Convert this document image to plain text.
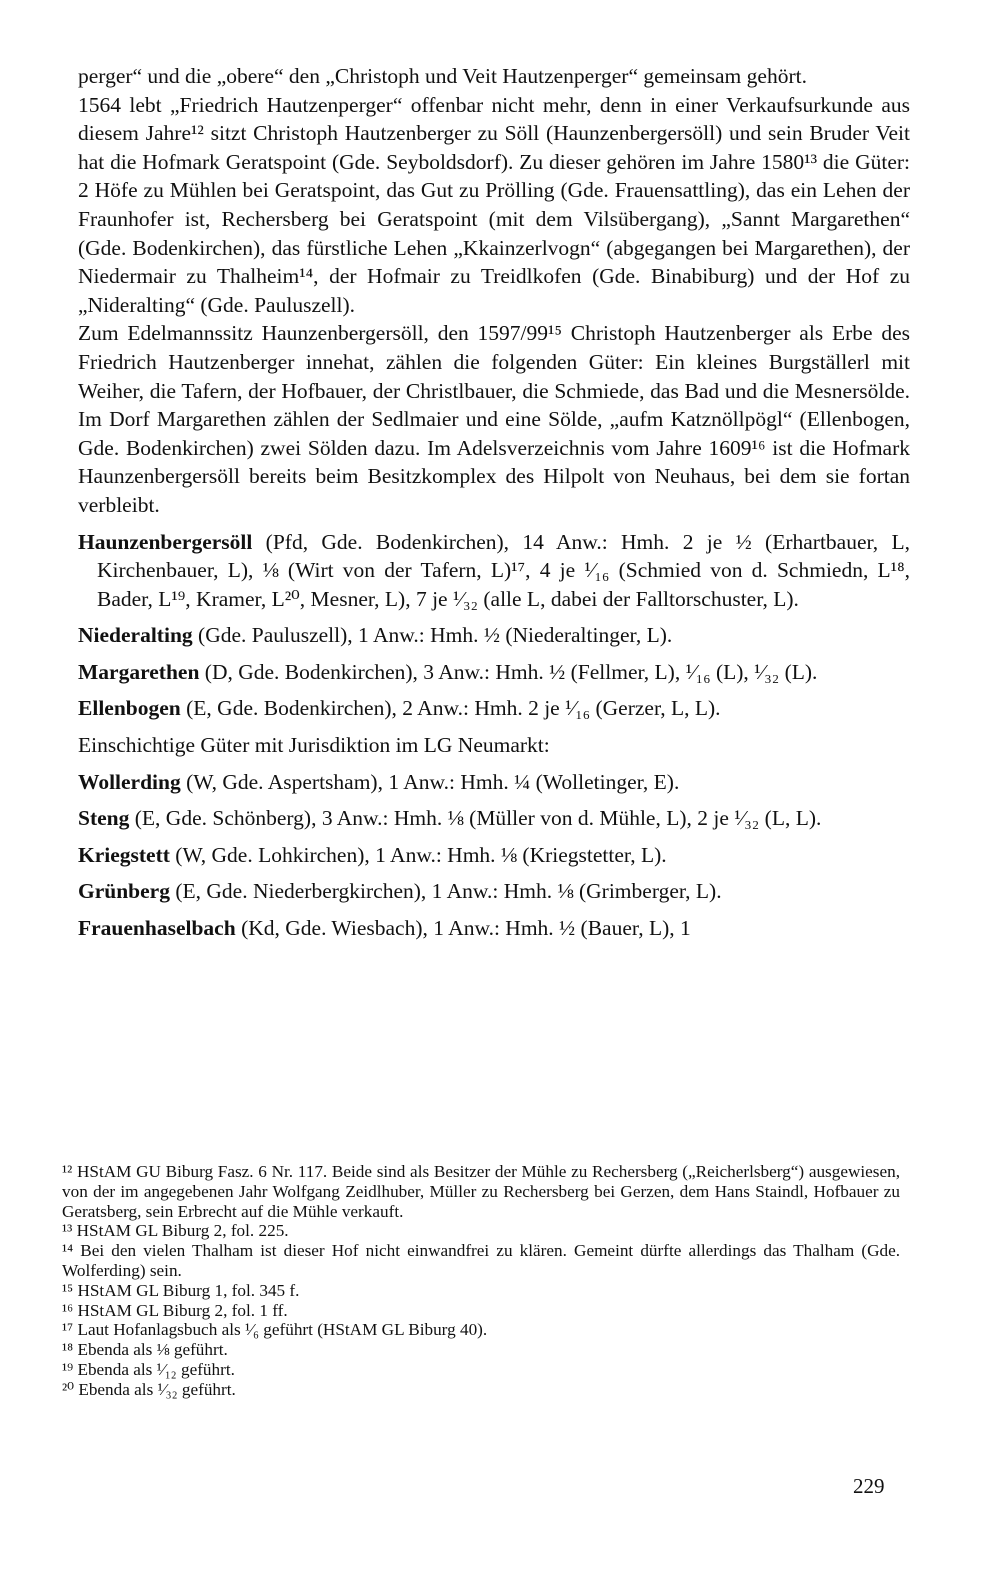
perger“ und die „obere“ den „Christoph und Veit Hautzenperger“ gemeinsam gehört.

1564 lebt „Friedrich Hautzenperger“ offenbar nicht mehr, denn in einer Verkaufsurkunde aus diesem Jahre¹² sitzt Christoph Hautzenberger zu Söll (Haunzenbergersöll) und sein Bruder Veit hat die Hofmark Geratspoint (Gde. Seyboldsdorf). Zu dieser gehören im Jahre 1580¹³ die Güter: 2 Höfe zu Mühlen bei Geratspoint, das Gut zu Prölling (Gde. Frauensattling), das ein Lehen der Fraunhofer ist, Rechersberg bei Geratspoint (mit dem Vilsübergang), „Sannt Margarethen“ (Gde. Bodenkirchen), das fürstliche Lehen „Kkainzerlvogn“ (abgegangen bei Margarethen), der Niedermair zu Thalheim¹⁴, der Hofmair zu Treidlkofen (Gde. Binabiburg) und der Hof zu „Nideralting“ (Gde. Pauluszell).

Zum Edelmannssitz Haunzenbergersöll, den 1597/99¹⁵ Christoph Hautzenberger als Erbe des Friedrich Hautzenberger innehat, zählen die folgenden Güter: Ein kleines Burgställerl mit Weiher, die Tafern, der Hofbauer, der Christlbauer, die Schmiede, das Bad und die Mesnersölde. Im Dorf Margarethen zählen der Sedlmaier und eine Sölde, „aufm Katznöllpögl“ (Ellenbogen, Gde. Bodenkirchen) zwei Sölden dazu. Im Adelsverzeichnis vom Jahre 1609¹⁶ ist die Hofmark Haunzenbergersöll bereits beim Besitzkomplex des Hilpolt von Neuhaus, bei dem sie fortan verbleibt.

Haunzenbergersöll (Pfd, Gde. Bodenkirchen), 14 Anw.: Hmh. 2 je ½ (Erhartbauer, L, Kirchenbauer, L), ⅛ (Wirt von der Tafern, L)¹⁷, 4 je ¹⁄₁₆ (Schmied von d. Schmiedn, L¹⁸, Bader, L¹⁹, Kramer, L²⁰, Mesner, L), 7 je ¹⁄₃₂ (alle L, dabei der Falltorschuster, L).

Niederalting (Gde. Pauluszell), 1 Anw.: Hmh. ½ (Niederaltinger, L).

Margarethen (D, Gde. Bodenkirchen), 3 Anw.: Hmh. ½ (Fellmer, L), ¹⁄₁₆ (L), ¹⁄₃₂ (L).

Ellenbogen (E, Gde. Bodenkirchen), 2 Anw.: Hmh. 2 je ¹⁄₁₆ (Gerzer, L, L).

Einschichtige Güter mit Jurisdiktion im LG Neumarkt:

Wollerding (W, Gde. Aspertsham), 1 Anw.: Hmh. ¼ (Wolletinger, E).

Steng (E, Gde. Schönberg), 3 Anw.: Hmh. ⅛ (Müller von d. Mühle, L), 2 je ¹⁄₃₂ (L, L).

Kriegstett (W, Gde. Lohkirchen), 1 Anw.: Hmh. ⅛ (Kriegstetter, L).

Grünberg (E, Gde. Niederbergkirchen), 1 Anw.: Hmh. ⅛ (Grimberger, L).

Frauenhaselbach (Kd, Gde. Wiesbach), 1 Anw.: Hmh. ½ (Bauer, L), 1

¹² HStAM GU Biburg Fasz. 6 Nr. 117. Beide sind als Besitzer der Mühle zu Rechersberg („Reicherlsberg“) ausgewiesen, von der im angegebenen Jahr Wolfgang Zeidlhuber, Müller zu Rechersberg bei Gerzen, dem Hans Staindl, Hofbauer zu Geratsberg, sein Erbrecht auf die Mühle verkauft.

¹³ HStAM GL Biburg 2, fol. 225.

¹⁴ Bei den vielen Thalham ist dieser Hof nicht einwandfrei zu klären. Gemeint dürfte allerdings das Thalham (Gde. Wolferding) sein.

¹⁵ HStAM GL Biburg 1, fol. 345 f.

¹⁶ HStAM GL Biburg 2, fol. 1 ff.

¹⁷ Laut Hofanlagsbuch als ¹⁄₆ geführt (HStAM GL Biburg 40).

¹⁸ Ebenda als ⅛ geführt.

¹⁹ Ebenda als ¹⁄₁₂ geführt.

²⁰ Ebenda als ¹⁄₃₂ geführt.

229
